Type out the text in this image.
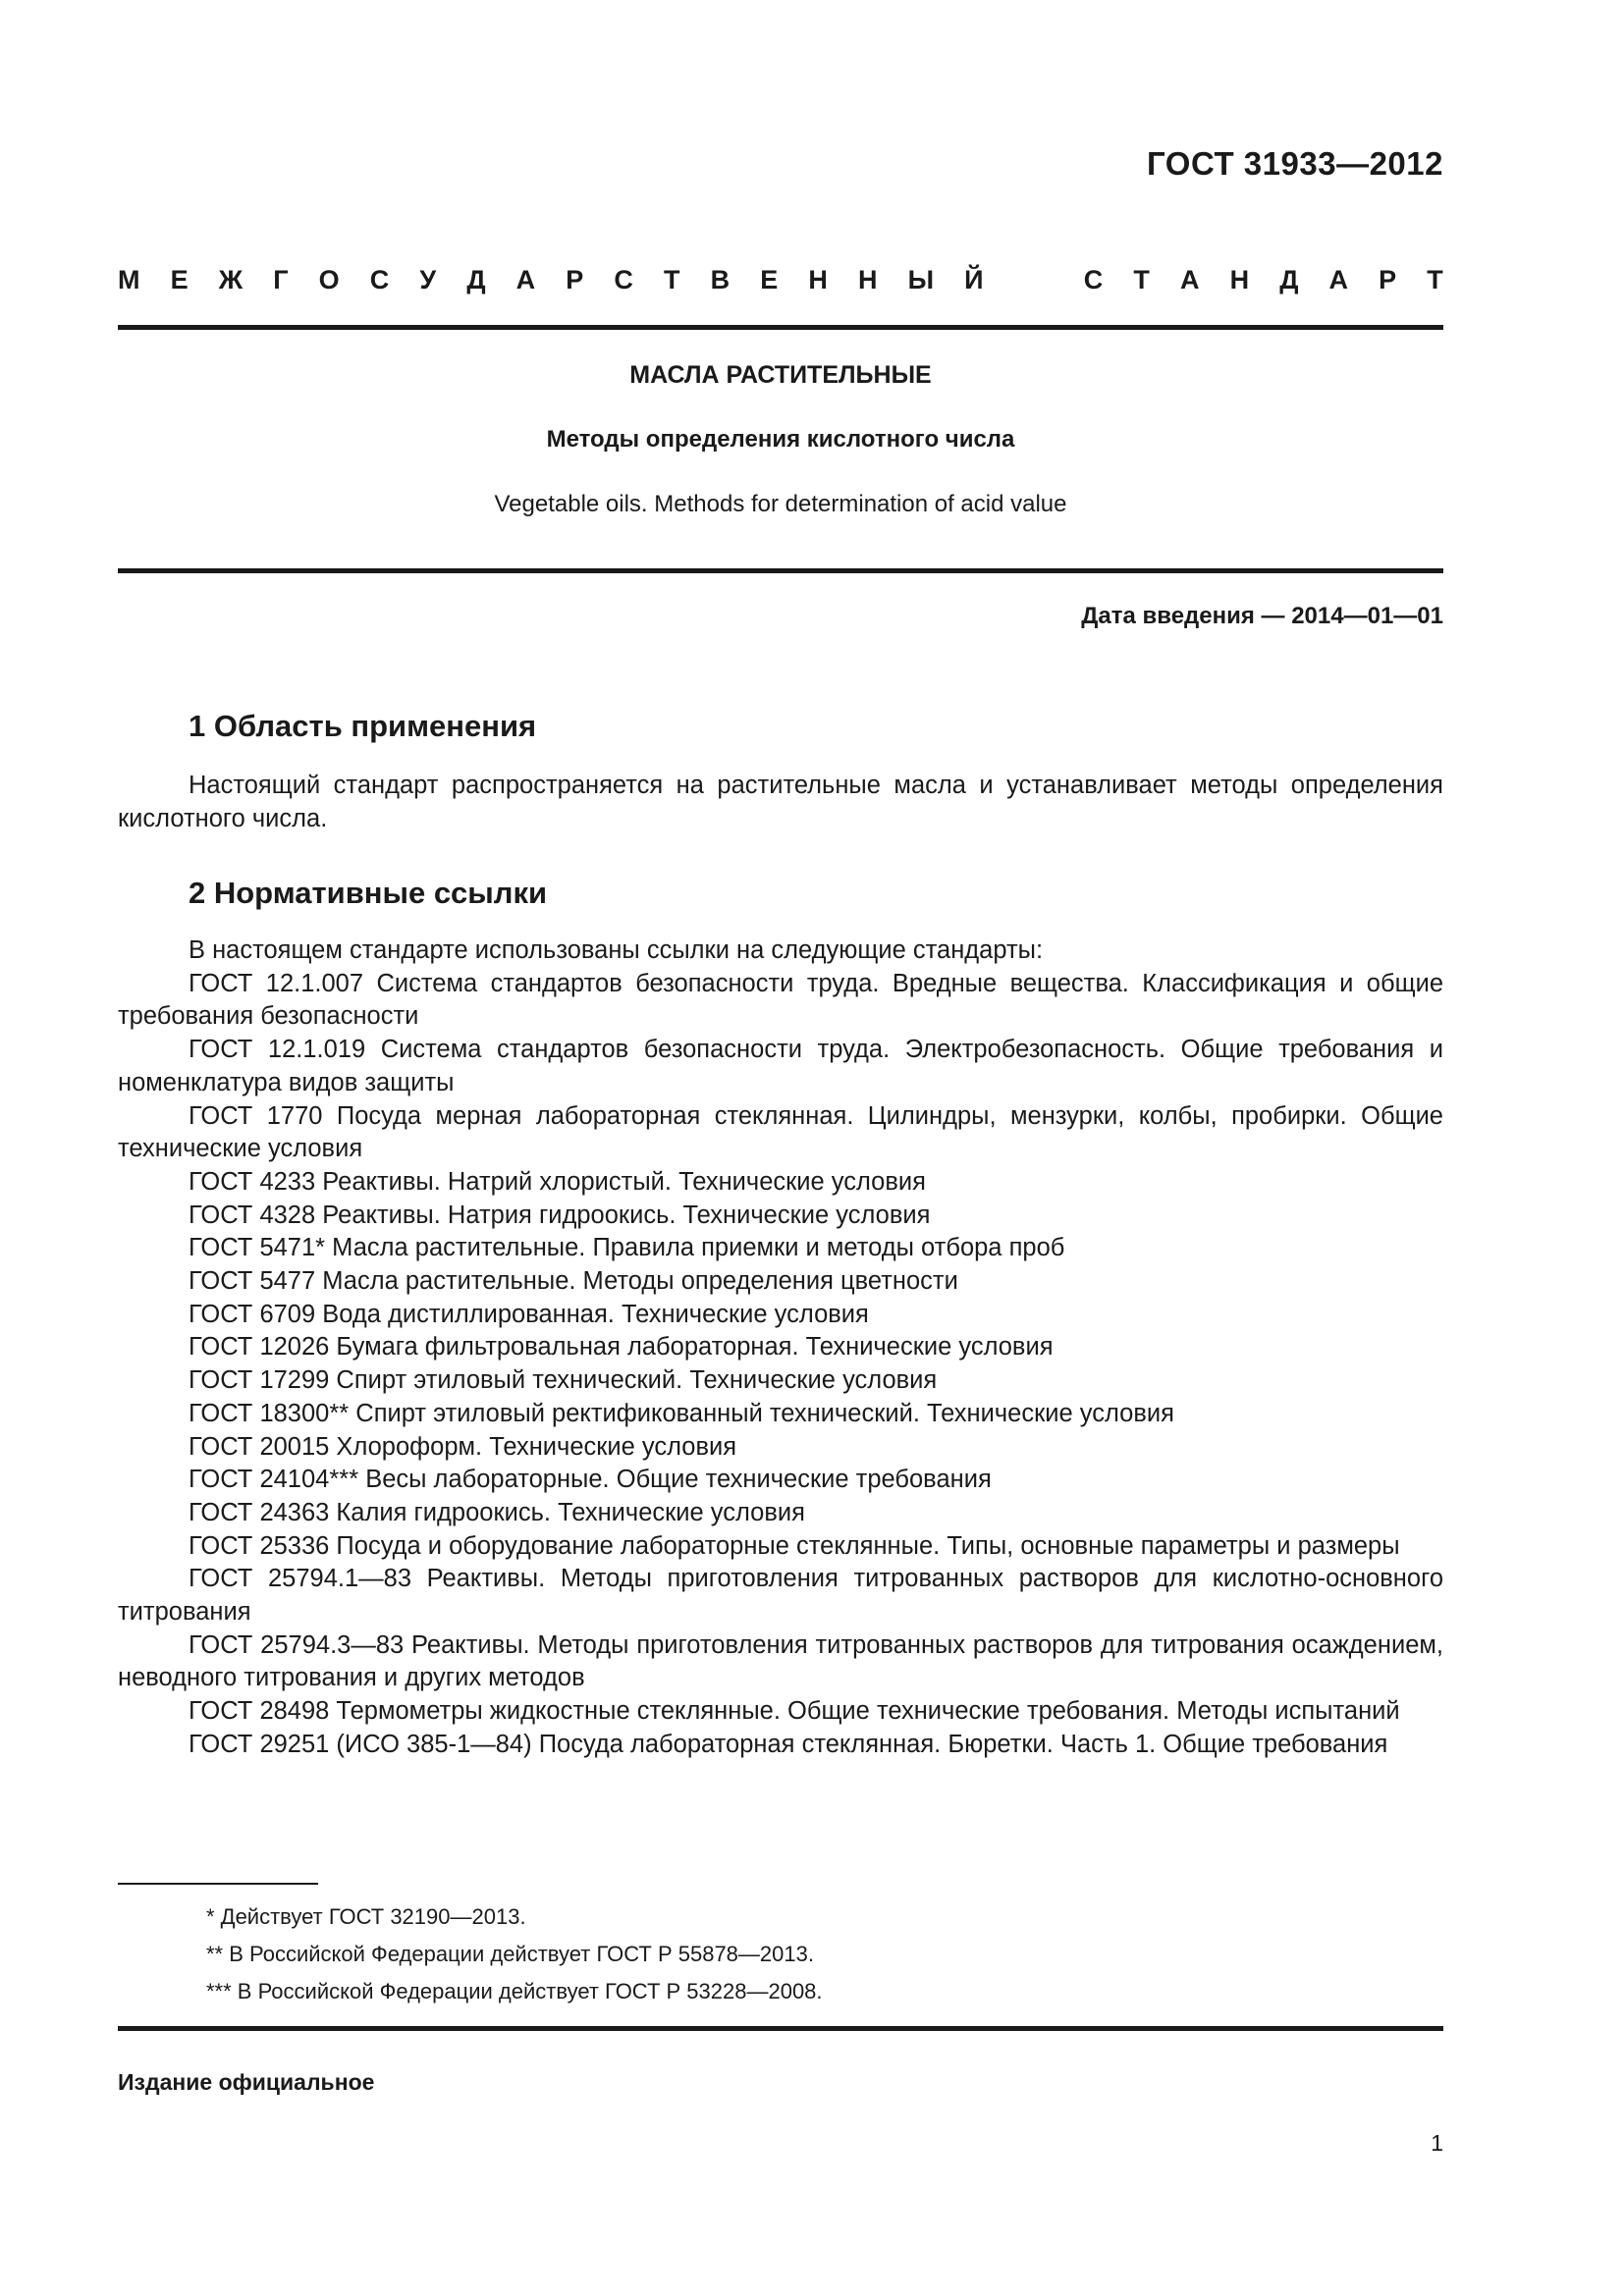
ГОСТ 31933—2012
М Е Ж Г О С У Д А Р С Т В Е Н Н Ы Й	С Т А Н Д А Р Т
МАСЛА РАСТИТЕЛЬНЫЕ
Методы определения кислотного числа
Vegetable oils. Methods for determination of acid value
Дата введения — 2014—01—01
1 Область применения

Настоящий стандарт распространяется на растительные масла и устанавливает методы определения кислотного числа.

2 Нормативные ссылки

В настоящем стандарте использованы ссылки на следующие стандарты:

ГОСТ 12.1.007 Система стандартов безопасности труда. Вредные вещества. Классификация и общие требования безопасности

ГОСТ 12.1.019 Система стандартов безопасности труда. Электробезопасность. Общие требования и номенклатура видов защиты

ГОСТ 1770 Посуда мерная лабораторная стеклянная. Цилиндры, мензурки, колбы, пробирки. Общие технические условия

ГОСТ 4233 Реактивы. Натрий хлористый. Технические условия

ГОСТ 4328 Реактивы. Натрия гидроокись. Технические условия

ГОСТ 5471* Масла растительные. Правила приемки и методы отбора проб

ГОСТ 5477 Масла растительные. Методы определения цветности

ГОСТ 6709 Вода дистиллированная. Технические условия

ГОСТ 12026 Бумага фильтровальная лабораторная. Технические условия

ГОСТ 17299 Спирт этиловый технический. Технические условия

ГОСТ 18300** Спирт этиловый ректификованный технический. Технические условия

ГОСТ 20015 Хлороформ. Технические условия

ГОСТ 24104*** Весы лабораторные. Общие технические требования

ГОСТ 24363 Калия гидроокись. Технические условия

ГОСТ 25336 Посуда и оборудование лабораторные стеклянные. Типы, основные параметры и размеры

ГОСТ 25794.1—83 Реактивы. Методы приготовления титрованных растворов для кислотно-основного титрования

ГОСТ 25794.3—83 Реактивы. Методы приготовления титрованных растворов для титрования осаждением, неводного титрования и других методов

ГОСТ 28498 Термометры жидкостные стеклянные. Общие технические требования. Методы испытаний

ГОСТ 29251 (ИСО 385-1—84) Посуда лабораторная стеклянная. Бюретки. Часть 1. Общие требования

* Действует ГОСТ 32190—2013.
** В Российской Федерации действует ГОСТ Р 55878—2013.
*** В Российской Федерации действует ГОСТ Р 53228—2008.
Издание официальное
1
